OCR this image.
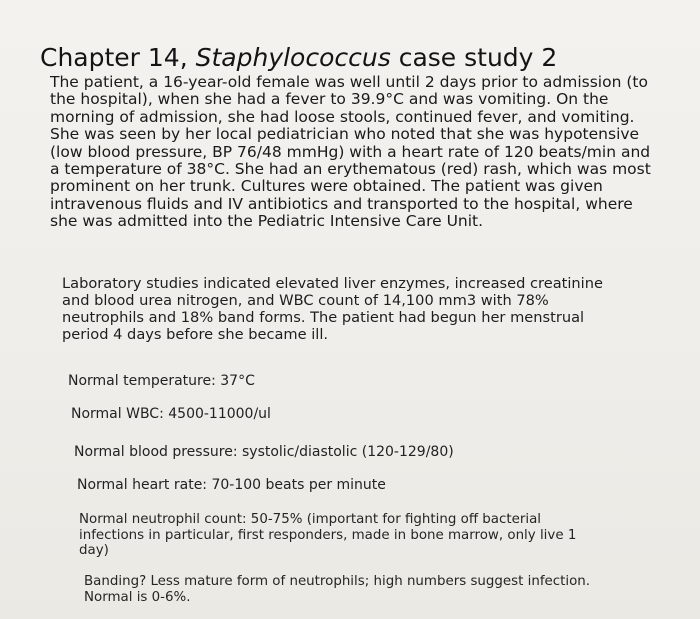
Chapter 14, Staphylococcus case study 2
The patient, a 16-year-old female was well until 2 days prior to admission (to
the hospital), when she had a fever to 39.9°C and was vomiting. On the
morning of admission, she had loose stools, continued fever, and vomiting.
She was seen by her local pediatrician who noted that she was hypotensive
(low blood pressure, BP 76/48 mmHg) with a heart rate of 120 beats/min and
a temperature of 38°C. She had an erythematous (red) rash, which was most
prominent on her trunk. Cultures were obtained. The patient was given
intravenous fluids and IV antibiotics and transported to the hospital, where
she was admitted into the Pediatric Intensive Care Unit.
Laboratory studies indicated elevated liver enzymes, increased creatinine
and blood urea nitrogen, and WBC count of 14,100 mm3 with 78%
neutrophils and 18% band forms. The patient had begun her menstrual
period 4 days before she became ill.
Normal temperature: 37°C
Normal WBC: 4500-11000/ul
Normal blood pressure: systolic/diastolic (120-129/80)
Normal heart rate: 70-100 beats per minute
Normal neutrophil count: 50-75% (important for fighting off bacterial
infections in particular, first responders, made in bone marrow, only live 1
day)
Banding? Less mature form of neutrophils; high numbers suggest infection.
Normal is 0-6%.
